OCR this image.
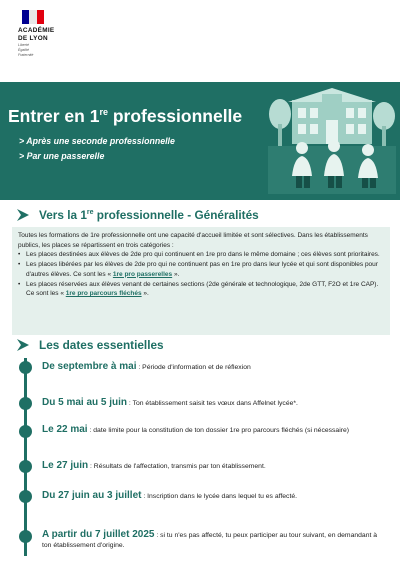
ACADÉMIE
DE LYON
Liberté
Égalité
Fraternité
Entrer en 1re professionnelle
> Après une seconde professionnelle
> Par une passerelle
Vers la 1re professionnelle - Généralités

Toutes les formations de 1re professionnelle ont une capacité d'accueil limitée et sont sélectives. Dans les établissements publics, les places se répartissent en trois catégories :

• Les places destinées aux élèves de 2de pro qui continuent en 1re pro dans le même domaine ; ces élèves sont prioritaires.
• Les places libérées par les élèves de 2de pro qui ne continuent pas en 1re pro dans leur lycée et qui sont disponibles pour d'autres élèves. Ce sont les « 1re pro passerelles ».
• Les places réservées aux élèves venant de certaines sections (2de générale et technologique, 2de GTT, F2O et 1re CAP). Ce sont les « 1re pro parcours fléchés ».
Les dates essentielles
De septembre à mai : Période d'information et de réflexion
Du 5 mai au 5 juin : Ton établissement saisit tes vœux dans Affelnet lycée*.
Le 22 mai : date limite pour la constitution de ton dossier 1re pro parcours fléchés (si nécessaire)
Le 27 juin : Résultats de l'affectation, transmis par ton établissement.
Du 27 juin au 3 juillet : Inscription dans le lycée dans lequel tu es affecté.
A partir du 7 juillet 2025 : si tu n'es pas affecté, tu peux participer au tour suivant, en demandant à ton établissement d'origine.
